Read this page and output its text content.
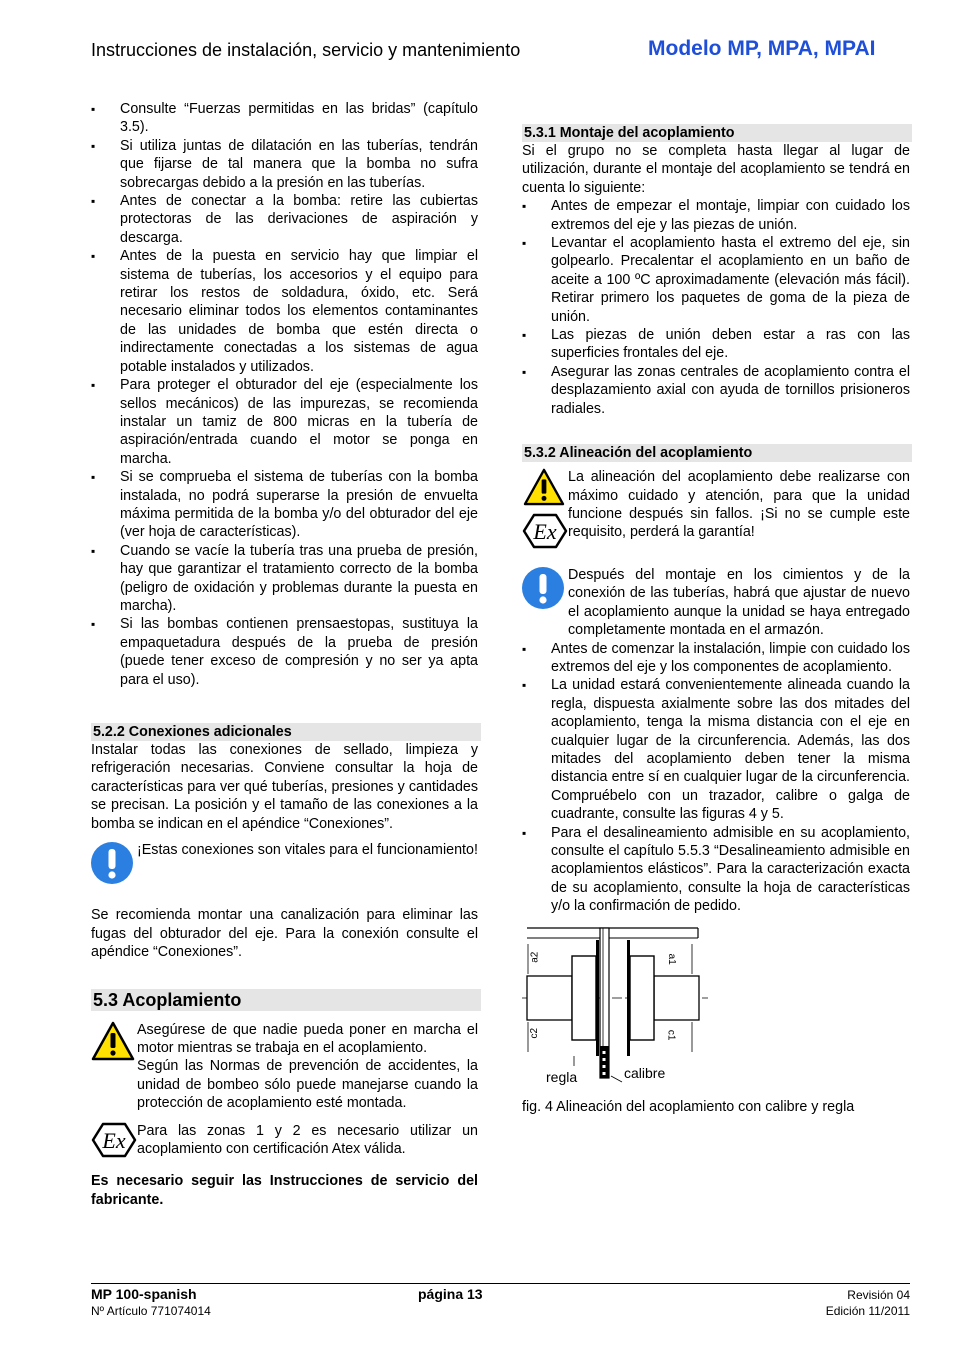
Instrucciones de instalación, servicio y mantenimiento	Modelo MP, MPA, MPAI
▪ Consulte “Fuerzas permitidas en las bridas” (capítulo 3.5).
▪ Si utiliza juntas de dilatación en las tuberías, tendrán que fijarse de tal manera que la bomba no sufra sobrecargas debido a la presión en las tuberías.
▪ Antes de conectar a la bomba: retire las cubiertas protectoras de las derivaciones de aspiración y descarga.
▪ Antes de la puesta en servicio hay que limpiar el sistema de tuberías, los accesorios y el equipo para retirar los restos de soldadura, óxido, etc. Será necesario eliminar todos los elementos contaminantes de las unidades de bomba que estén directa o indirectamente conectadas a los sistemas de agua potable instalados y utilizados.
▪ Para proteger el obturador del eje (especialmente los sellos mecánicos) de las impurezas, se recomienda instalar un tamiz de 800 micras en la tubería de aspiración/entrada cuando el motor se ponga en marcha.
▪ Si se comprueba el sistema de tuberías con la bomba instalada, no podrá superarse la presión de envuelta máxima permitida de la bomba y/o del obturador del eje (ver hoja de características).
▪ Cuando se vacíe la tubería tras una prueba de presión, hay que garantizar el tratamiento correcto de la bomba (peligro de oxidación y problemas durante la puesta en marcha).
▪ Si las bombas contienen prensaestopas, sustituya la empaquetadura después de la prueba de presión (puede tener exceso de compresión y no ser ya apta para el uso).
5.2.2 Conexiones adicionales

Instalar todas las conexiones de sellado, limpieza y refrigeración necesarias. Conviene consultar la hoja de características para ver qué tuberías, presiones y cantidades se precisan. La posición y el tamaño de las conexiones a la bomba se indican en el apéndice “Conexiones”.

¡Estas conexiones son vitales para el funcionamiento!

Se recomienda montar una canalización para eliminar las fugas del obturador del eje. Para la conexión consulte el apéndice “Conexiones”.

5.3 Acoplamiento

Asegúrese de que nadie pueda poner en marcha el motor mientras se trabaja en el acoplamiento.

Según las Normas de prevención de accidentes, la unidad de bombeo sólo puede manejarse cuando la protección de acoplamiento esté montada.

Ex Para las zonas 1 y 2 es necesario utilizar un acoplamiento con certificación Atex válida.

Es necesario seguir las Instrucciones de servicio del fabricante.

5.3.1 Montaje del acoplamiento

Si el grupo no se completa hasta llegar al lugar de utilización, durante el montaje del acoplamiento se tendrá en cuenta lo siguiente:

▪ Antes de empezar el montaje, limpiar con cuidado los extremos del eje y las piezas de unión.
▪ Levantar el acoplamiento hasta el extremo del eje, sin golpearlo. Precalentar el acoplamiento en un baño de aceite a 100 ºC aproximadamente (elevación más fácil). Retirar primero los paquetes de goma de la pieza de unión.
▪ Las piezas de unión deben estar a ras con las superficies frontales del eje.
▪ Asegurar las zonas centrales de acoplamiento contra el desplazamiento axial con ayuda de tornillos prisioneros radiales.
5.3.2 Alineación del acoplamiento

Ex
La alineación del acoplamiento debe realizarse con máximo cuidado y atención, para que la unidad funcione después sin fallos. ¡Si no se cumple este requisito, perderá la garantía!
Después del montaje en los cimientos y de la conexión de las tuberías, habrá que ajustar de nuevo el acoplamiento aunque la unidad se haya entregado completamente montada en el armazón.
▪ Antes de comenzar la instalación, limpie con cuidado los extremos del eje y los componentes de acoplamiento.
▪ La unidad estará convenientemente alineada cuando la regla, dispuesta axialmente sobre las dos mitades del acoplamiento, tenga la misma distancia con el eje en cualquier lugar de la circunferencia. Además, las dos mitades del acoplamiento deben tener la misma distancia entre sí en cualquier lugar de la circunferencia. Compruébelo con un trazador, calibre o galga de cuadrante, consulte las figuras 4 y 5.
▪ Para el desalineamiento admisible en su acoplamiento, consulte el capítulo 5.5.3 “Desalineamiento admisible en acoplamientos elásticos”. Para la caracterización exacta de su acoplamiento, consulte la hoja de características y/o la confirmación de pedido.
a2	a1
c2	c1
regla	calibre
fig. 4 Alineación del acoplamiento con calibre y regla
MP 100-spanish	página 13	Revisión 04
Nº Artículo 771074014	Edición 11/2011
